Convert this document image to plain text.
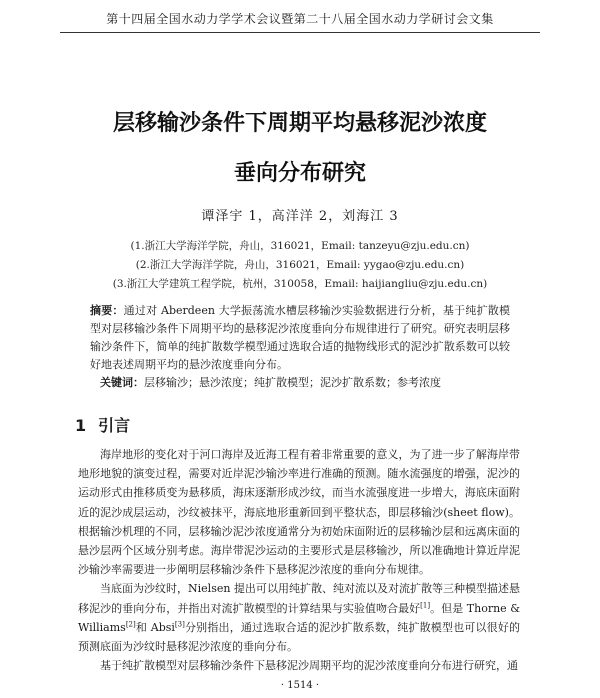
第十四届全国水动力学学术会议暨第二十八届全国水动力学研讨会文集
层移输沙条件下周期平均悬移泥沙浓度
垂向分布研究
谭泽宇 1，高洋洋 2，刘海江 3
(1.浙江大学海洋学院，舟山，316021，Email: tanzeyu@zju.edu.cn)
(2.浙江大学海洋学院，舟山，316021，Email: yygao@zju.edu.cn)
(3.浙江大学建筑工程学院，杭州，310058，Email: haijiangliu@zju.edu.cn)
摘要：通过对 Aberdeen 大学振荡流水槽层移输沙实验数据进行分析，基于纯扩散模型对层移输沙条件下周期平均的悬移泥沙浓度垂向分布规律进行了研究。研究表明层移输沙条件下，简单的纯扩散数学模型通过选取合适的抛物线形式的泥沙扩散系数可以较好地表述周期平均的悬沙浓度垂向分布。
关键词：层移输沙；悬沙浓度；纯扩散模型；泥沙扩散系数；参考浓度
1 引言

海岸地形的变化对于河口海岸及近海工程有着非常重要的意义，为了进一步了解海岸带地形地貌的演变过程，需要对近岸泥沙输沙率进行准确的预测。随水流强度的增强，泥沙的运动形式由推移质变为悬移质，海床逐渐形成沙纹，而当水流强度进一步增大，海底床面附近的泥沙成层运动，沙纹被抹平，海底地形重新回到平整状态，即层移输沙(sheet flow)。根据输沙机理的不同，层移输沙泥沙浓度通常分为初始床面附近的层移输沙层和远离床面的悬沙层两个区域分别考虑。海岸带泥沙运动的主要形式是层移输沙，所以准确地计算近岸泥沙输沙率需要进一步阐明层移输沙条件下悬移泥沙浓度的垂向分布规律。

当底面为沙纹时，Nielsen 提出可以用纯扩散、纯对流以及对流扩散等三种模型描述悬移泥沙的垂向分布，并指出对流扩散模型的计算结果与实验值吻合最好[1]。但是 Thorne & Williams[2]和 Absi[3]分别指出，通过选取合适的泥沙扩散系数，纯扩散模型也可以很好的预测底面为沙纹时悬移泥沙浓度的垂向分布。

基于纯扩散模型对层移输沙条件下悬移泥沙周期平均的泥沙浓度垂向分布进行研究，通

· 1514 ·
